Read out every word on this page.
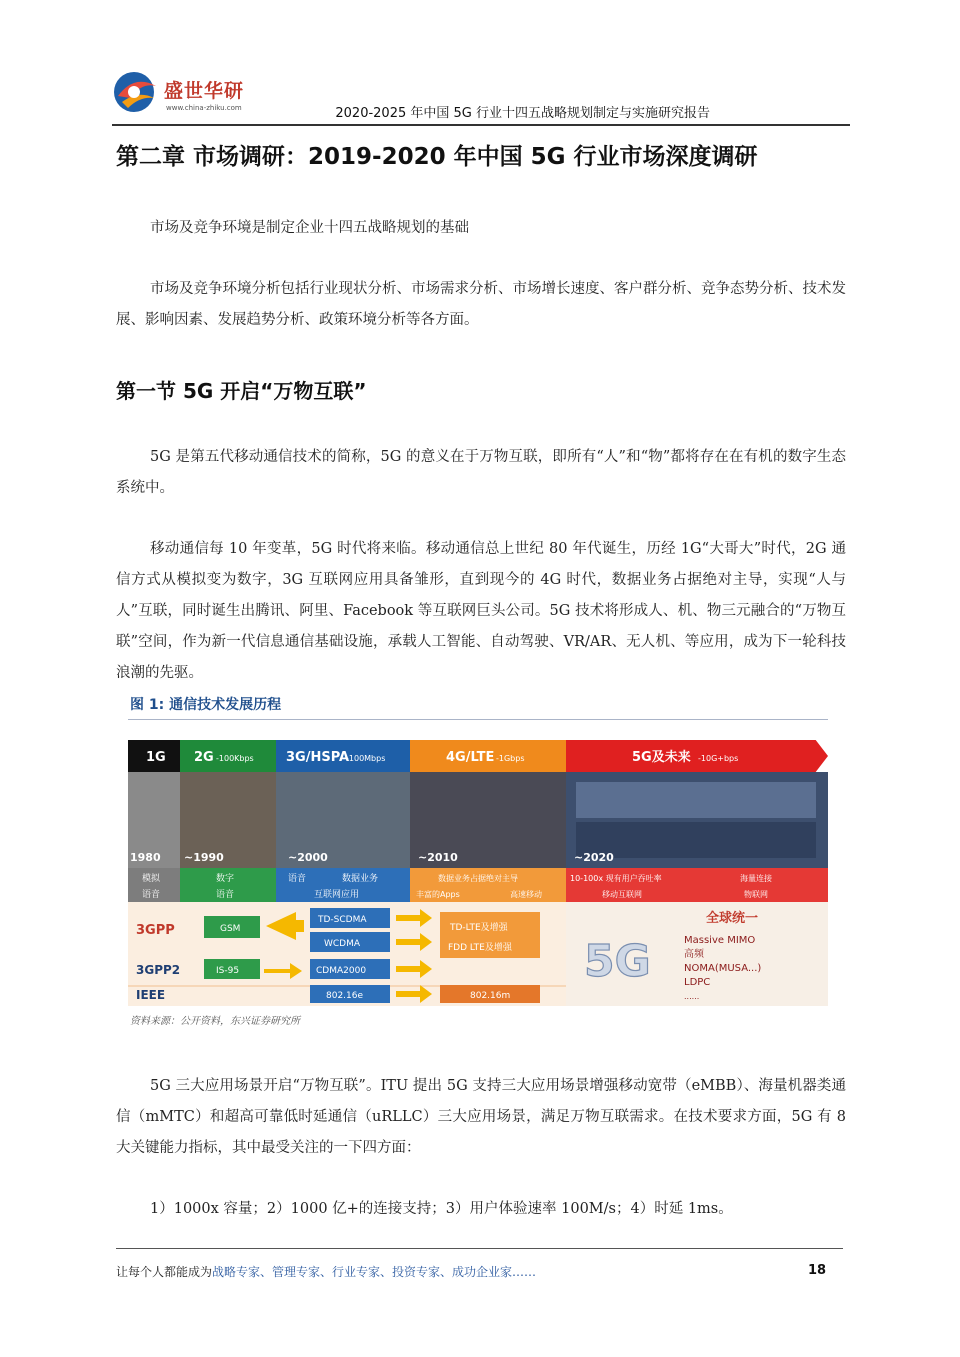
盛世华研
www.china-zhiku.com	2020-2025 年中国 5G 行业十四五战略规划制定与实施研究报告
第二章 市场调研：2019-2020 年中国 5G 行业市场深度调研

市场及竞争环境是制定企业十四五战略规划的基础

市场及竞争环境分析包括行业现状分析、市场需求分析、市场增长速度、客户群分析、竞争态势分析、技术发展、影响因素、发展趋势分析、政策环境分析等各方面。

第一节 5G 开启“万物互联”

5G 是第五代移动通信技术的简称，5G 的意义在于万物互联，即所有“人”和“物”都将存在在有机的数字生态系统中。

移动通信每 10 年变革，5G 时代将来临。移动通信总上世纪 80 年代诞生，历经 1G“大哥大”时代，2G 通信方式从模拟变为数字，3G 互联网应用具备雏形，直到现今的 4G 时代，数据业务占据绝对主导，实现“人与人”互联，同时诞生出腾讯、阿里、Facebook 等互联网巨头公司。5G 技术将形成人、机、物三元融合的“万物互联”空间，作为新一代信息通信基础设施，承载人工智能、自动驾驶、VR/AR、无人机、等应用，成为下一轮科技浪潮的先驱。

图 1: 通信技术发展历程
1G 2G -100Kbps 3G/HSPA
-100Mbps	4G/LTE -1Gbps	5G及未来 -10G+bps
1980 ~1990	~2000	~2010	~2020
模拟
语音
数字
语音
语音	数据业务
互联网应用
数据业务占据绝对主导
丰富的Apps	高速移动
10-100x 现有用户吞吐率	海量连接
移动互联网	物联网
3GPP
3GPP2
IEEE
GSM
IS-95
TD-SCDMA
WCDMA
CDMA2000
802.16e
TD-LTE及增强
FDD LTE及增强
802.16m
5G
全球统一
Massive MIMO
高频
NOMA(MUSA...)
LDPC
......
资料来源：公开资料，东兴证券研究所

5G 三大应用场景开启“万物互联”。ITU 提出 5G 支持三大应用场景增强移动宽带（eMBB）、海量机器类通信（mMTC）和超高可靠低时延通信（uRLLC）三大应用场景，满足万物互联需求。在技术要求方面，5G 有 8 大关键能力指标，其中最受关注的一下四方面：

1）1000x 容量；2）1000 亿+的连接支持；3）用户体验速率 100M/s；4）时延 1ms。

让每个人都能成为战略专家、管理专家、行业专家、投资专家、成功企业家……	18
